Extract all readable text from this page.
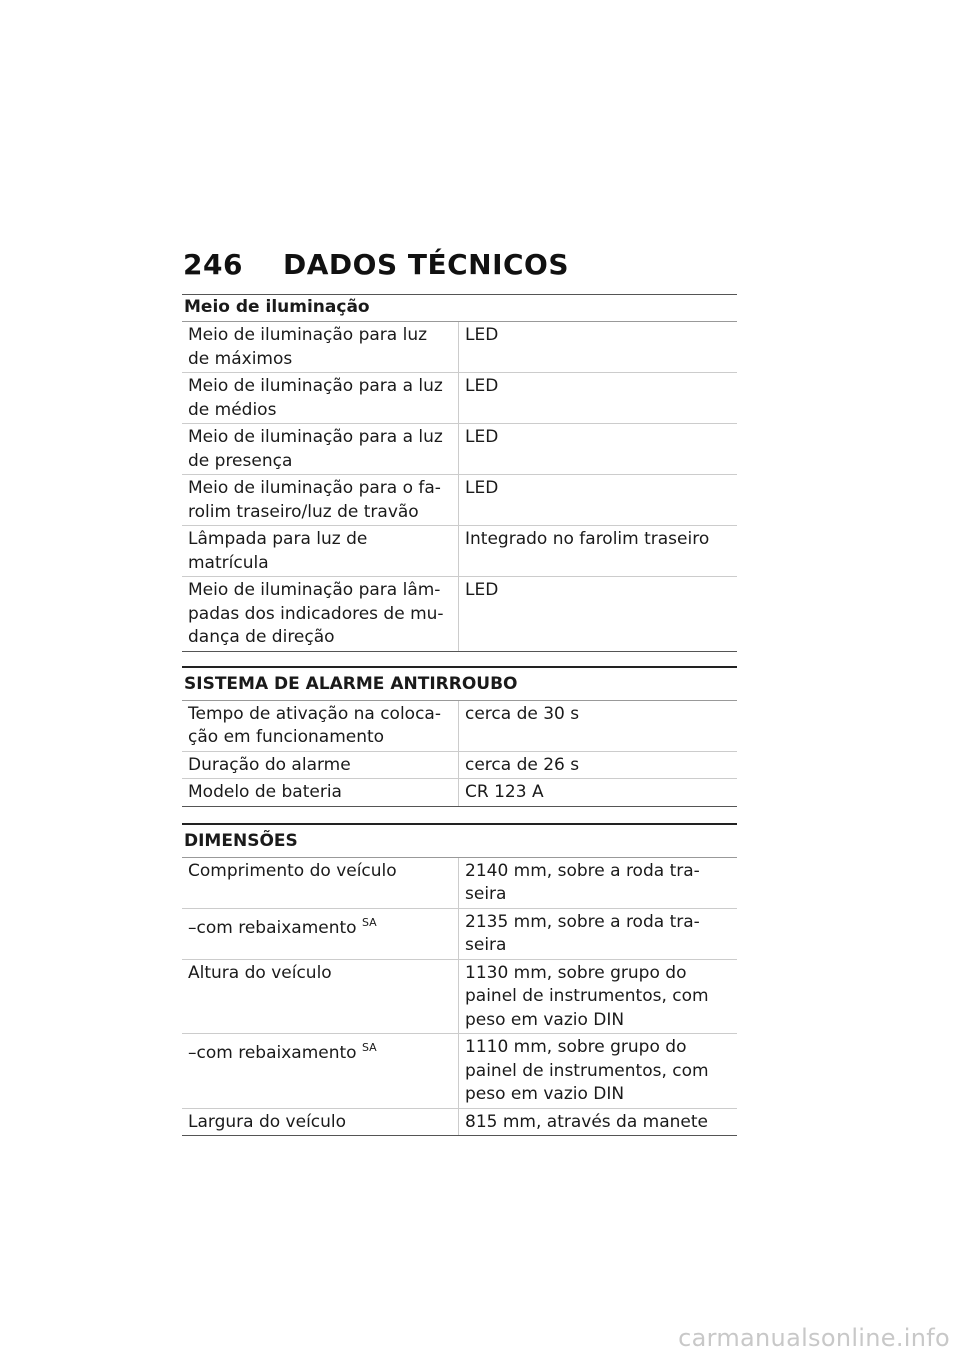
246 DADOS TÉCNICOS
Meio de iluminação
Meio de iluminação para luz
de máximos	LED
Meio de iluminação para a luz
de médios	LED
Meio de iluminação para a luz
de presença	LED
Meio de iluminação para o fa-
rolim traseiro/luz de travão	LED
Lâmpada para luz de matrícula	Integrado no farolim traseiro
Meio de iluminação para lâm-
padas dos indicadores de mu-
dança de direção	LED
SISTEMA DE ALARME ANTIRROUBO
Tempo de ativação na coloca-
ção em funcionamento	cerca de 30 s
Duração do alarme	cerca de 26 s
Modelo de bateria	CR 123 A
DIMENSÕES
Comprimento do veículo	2140 mm, sobre a roda tra-
seira
–com rebaixamento $^{SA}$	2135 mm, sobre a roda tra-
seira
Altura do veículo	1130 mm, sobre grupo do
painel de instrumentos, com
peso em vazio DIN
–com rebaixamento $^{SA}$	1110 mm, sobre grupo do
painel de instrumentos, com
peso em vazio DIN
Largura do veículo	815 mm, através da manete
carmanualsonline.info
